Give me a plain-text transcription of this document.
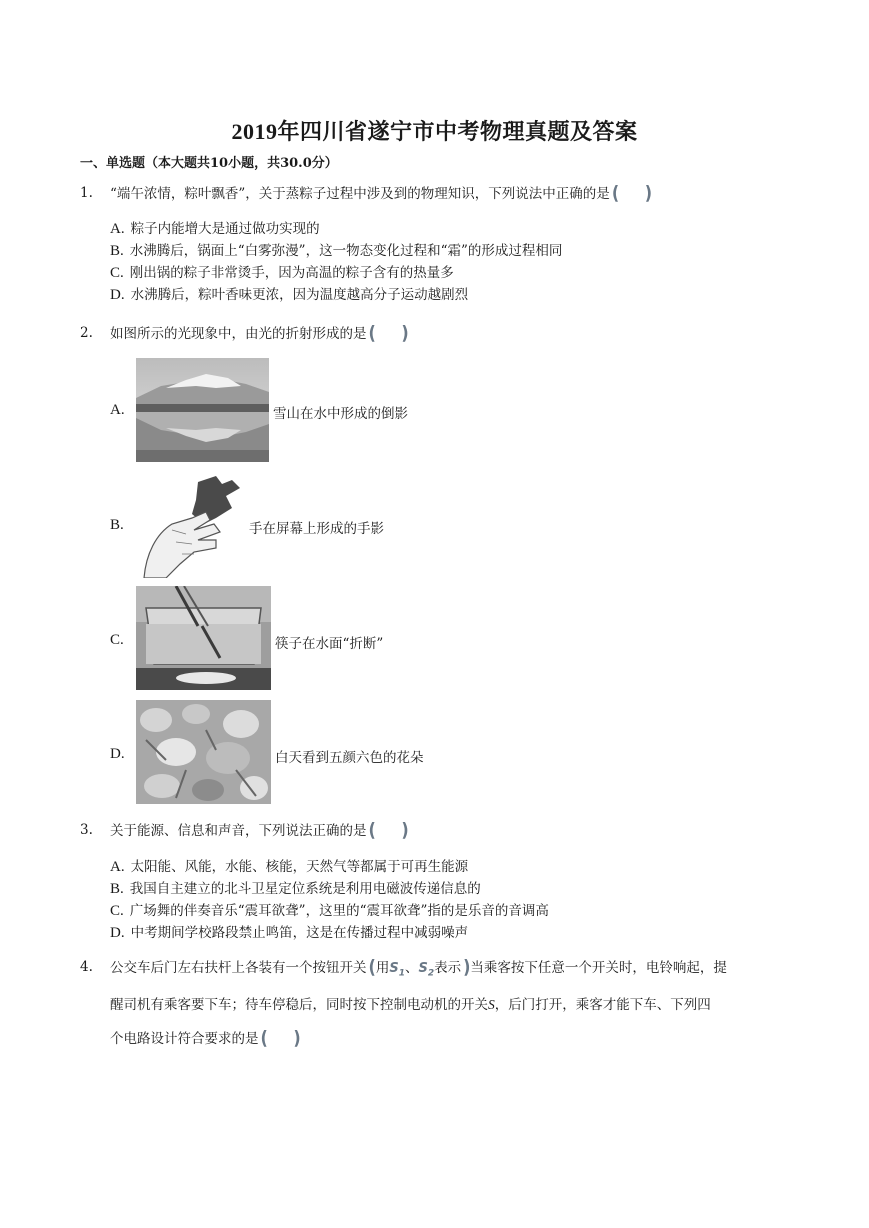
2019年四川省遂宁市中考物理真题及答案
一、单选题（本大题共10小题，共30.0分）
1. “端午浓情，粽叶飘香”，关于蒸粽子过程中涉及到的物理知识，下列说法中正确的是 ( )
A. 粽子内能增大是通过做功实现的
B. 水沸腾后，锅面上“白雾弥漫”，这一物态变化过程和“霜”的形成过程相同
C. 刚出锅的粽子非常烫手，因为高温的粽子含有的热量多
D. 水沸腾后，粽叶香味更浓，因为温度越高分子运动越剧烈
2. 如图所示的光现象中，由光的折射形成的是 ( )
A.	雪山在水中形成的倒影
B.	手在屏幕上形成的手影
C.	筷子在水面“折断”
D.	白天看到五颜六色的花朵
3. 关于能源、信息和声音，下列说法正确的是 ( )
A. 太阳能、风能，水能、核能，天然气等都属于可再生能源
B. 我国自主建立的北斗卫星定位系统是利用电磁波传递信息的
C. 广场舞的伴奏音乐“震耳欲聋”，这里的“震耳欲聋”指的是乐音的音调高
D. 中考期间学校路段禁止鸣笛，这是在传播过程中减弱噪声
4. 公交车后门左右扶杆上各装有一个按钮开关 (用$S_1$、$S_2$表示 )当乘客按下任意一个开关时，电铃响起，提
醒司机有乘客要下车；待车停稳后，同时按下控制电动机的开关S，后门打开，乘客才能下车、下列四
个电路设计符合要求的是 ( )
